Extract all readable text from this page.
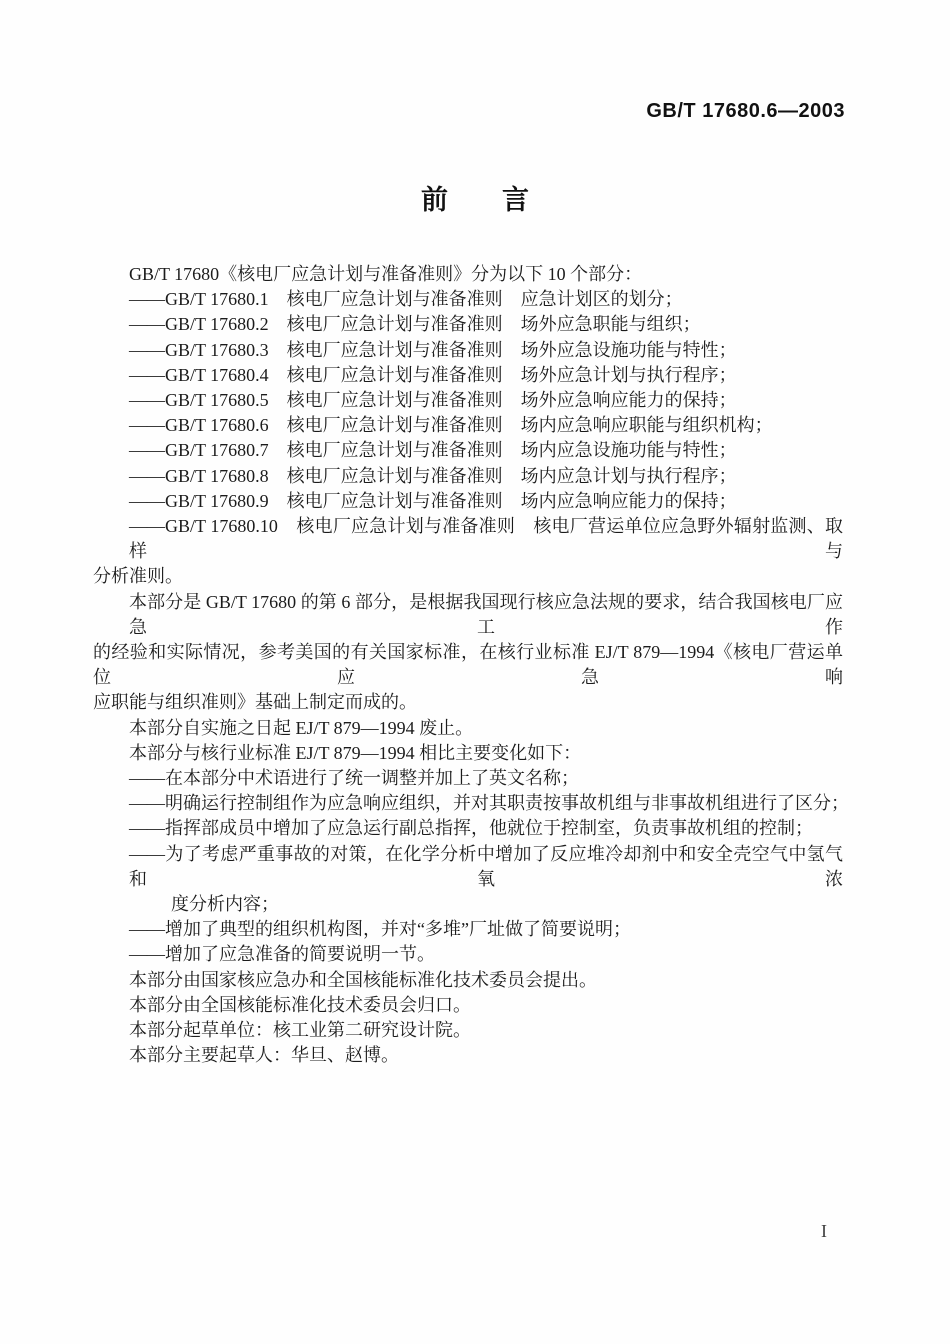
GB/T 17680.6—2003
前　　言
GB/T 17680《核电厂应急计划与准备准则》分为以下 10 个部分：
——GB/T 17680.1　核电厂应急计划与准备准则　应急计划区的划分；
——GB/T 17680.2　核电厂应急计划与准备准则　场外应急职能与组织；
——GB/T 17680.3　核电厂应急计划与准备准则　场外应急设施功能与特性；
——GB/T 17680.4　核电厂应急计划与准备准则　场外应急计划与执行程序；
——GB/T 17680.5　核电厂应急计划与准备准则　场外应急响应能力的保持；
——GB/T 17680.6　核电厂应急计划与准备准则　场内应急响应职能与组织机构；
——GB/T 17680.7　核电厂应急计划与准备准则　场内应急设施功能与特性；
——GB/T 17680.8　核电厂应急计划与准备准则　场内应急计划与执行程序；
——GB/T 17680.9　核电厂应急计划与准备准则　场内应急响应能力的保持；
——GB/T 17680.10　核电厂应急计划与准备准则　核电厂营运单位应急野外辐射监测、取样与
分析准则。
本部分是 GB/T 17680 的第 6 部分，是根据我国现行核应急法规的要求，结合我国核电厂应急工作
的经验和实际情况，参考美国的有关国家标准，在核行业标准 EJ/T 879—1994《核电厂营运单位应急响
应职能与组织准则》基础上制定而成的。
本部分自实施之日起 EJ/T 879—1994 废止。
本部分与核行业标准 EJ/T 879—1994 相比主要变化如下：
——在本部分中术语进行了统一调整并加上了英文名称；
——明确运行控制组作为应急响应组织，并对其职责按事故机组与非事故机组进行了区分；
——指挥部成员中增加了应急运行副总指挥，他就位于控制室，负责事故机组的控制；
——为了考虑严重事故的对策，在化学分析中增加了反应堆冷却剂中和安全壳空气中氢气和氧浓
度分析内容；
——增加了典型的组织机构图，并对“多堆”厂址做了简要说明；
——增加了应急准备的简要说明一节。
本部分由国家核应急办和全国核能标准化技术委员会提出。
本部分由全国核能标准化技术委员会归口。
本部分起草单位：核工业第二研究设计院。
本部分主要起草人：华旦、赵博。
I
